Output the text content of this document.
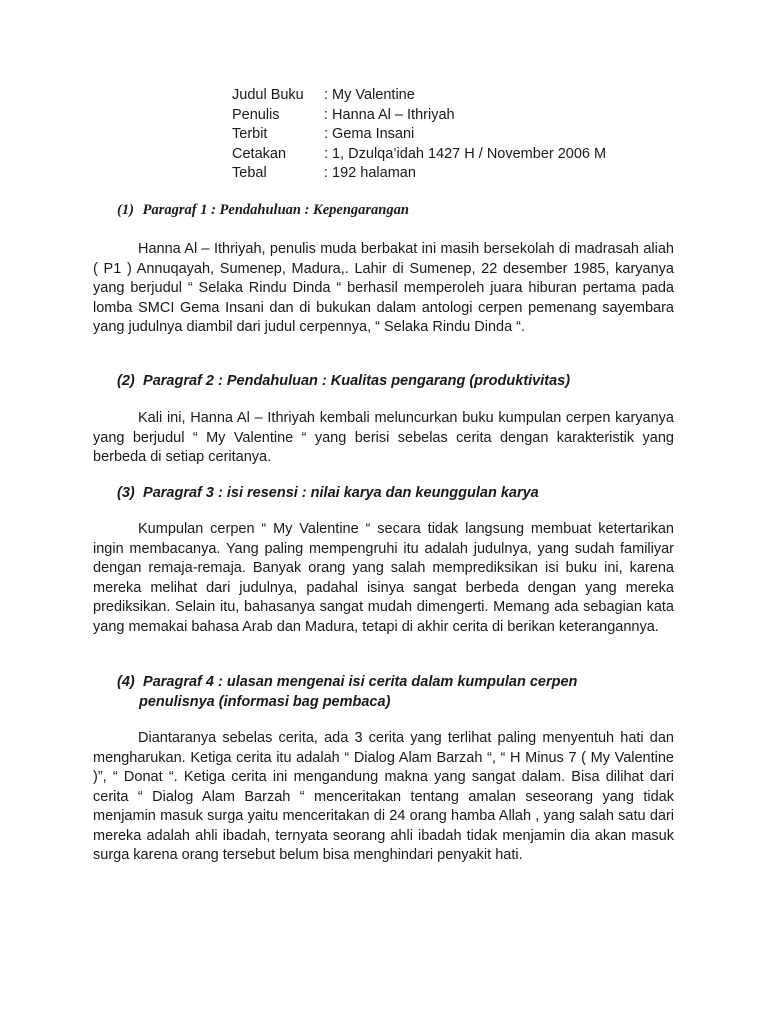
Judul Buku	: My Valentine
Penulis	: Hanna Al – Ithriyah
Terbit	: Gema Insani
Cetakan	: 1, Dzulqa’idah 1427 H / November 2006 M
Tebal	: 192 halaman
(1) Paragraf 1 : Pendahuluan : Kepengarangan
Hanna Al – Ithriyah, penulis muda berbakat ini masih bersekolah di madrasah aliah ( P1 ) Annuqayah, Sumenep, Madura,. Lahir di Sumenep, 22 desember 1985, karyanya yang berjudul “ Selaka Rindu Dinda “ berhasil memperoleh juara hiburan pertama pada lomba SMCI Gema Insani dan di bukukan dalam antologi cerpen pemenang sayembara yang judulnya diambil dari judul cerpennya, “ Selaka Rindu Dinda “.
(2) Paragraf 2 : Pendahuluan : Kualitas pengarang (produktivitas)
Kali ini, Hanna Al – Ithriyah kembali meluncurkan buku kumpulan cerpen karyanya yang berjudul “ My Valentine “ yang berisi sebelas cerita dengan karakteristik yang berbeda di setiap ceritanya.
(3) Paragraf 3 : isi resensi : nilai karya dan keunggulan karya
Kumpulan cerpen “ My Valentine “ secara tidak langsung membuat ketertarikan ingin membacanya. Yang paling mempengruhi itu adalah judulnya, yang sudah familiyar dengan remaja-remaja. Banyak orang yang salah memprediksikan isi buku ini, karena mereka melihat dari judulnya, padahal isinya sangat berbeda dengan yang mereka prediksikan. Selain itu, bahasanya sangat mudah dimengerti. Memang ada sebagian kata yang memakai bahasa Arab dan Madura, tetapi di akhir cerita di berikan keterangannya.
(4) Paragraf 4 : ulasan mengenai isi cerita dalam kumpulan cerpen
penulisnya (informasi bag pembaca)
Diantaranya sebelas cerita, ada 3 cerita yang terlihat paling menyentuh hati dan mengharukan. Ketiga cerita itu adalah “ Dialog Alam Barzah “, “ H Minus 7 ( My Valentine )”, “ Donat “. Ketiga cerita ini mengandung makna yang sangat dalam. Bisa dilihat dari cerita “ Dialog Alam Barzah “ menceritakan tentang amalan seseorang yang tidak menjamin masuk surga yaitu menceritakan di 24 orang hamba Allah , yang salah satu dari mereka adalah ahli ibadah, ternyata seorang ahli ibadah tidak menjamin dia akan masuk surga karena orang tersebut belum bisa menghindari penyakit hati.
